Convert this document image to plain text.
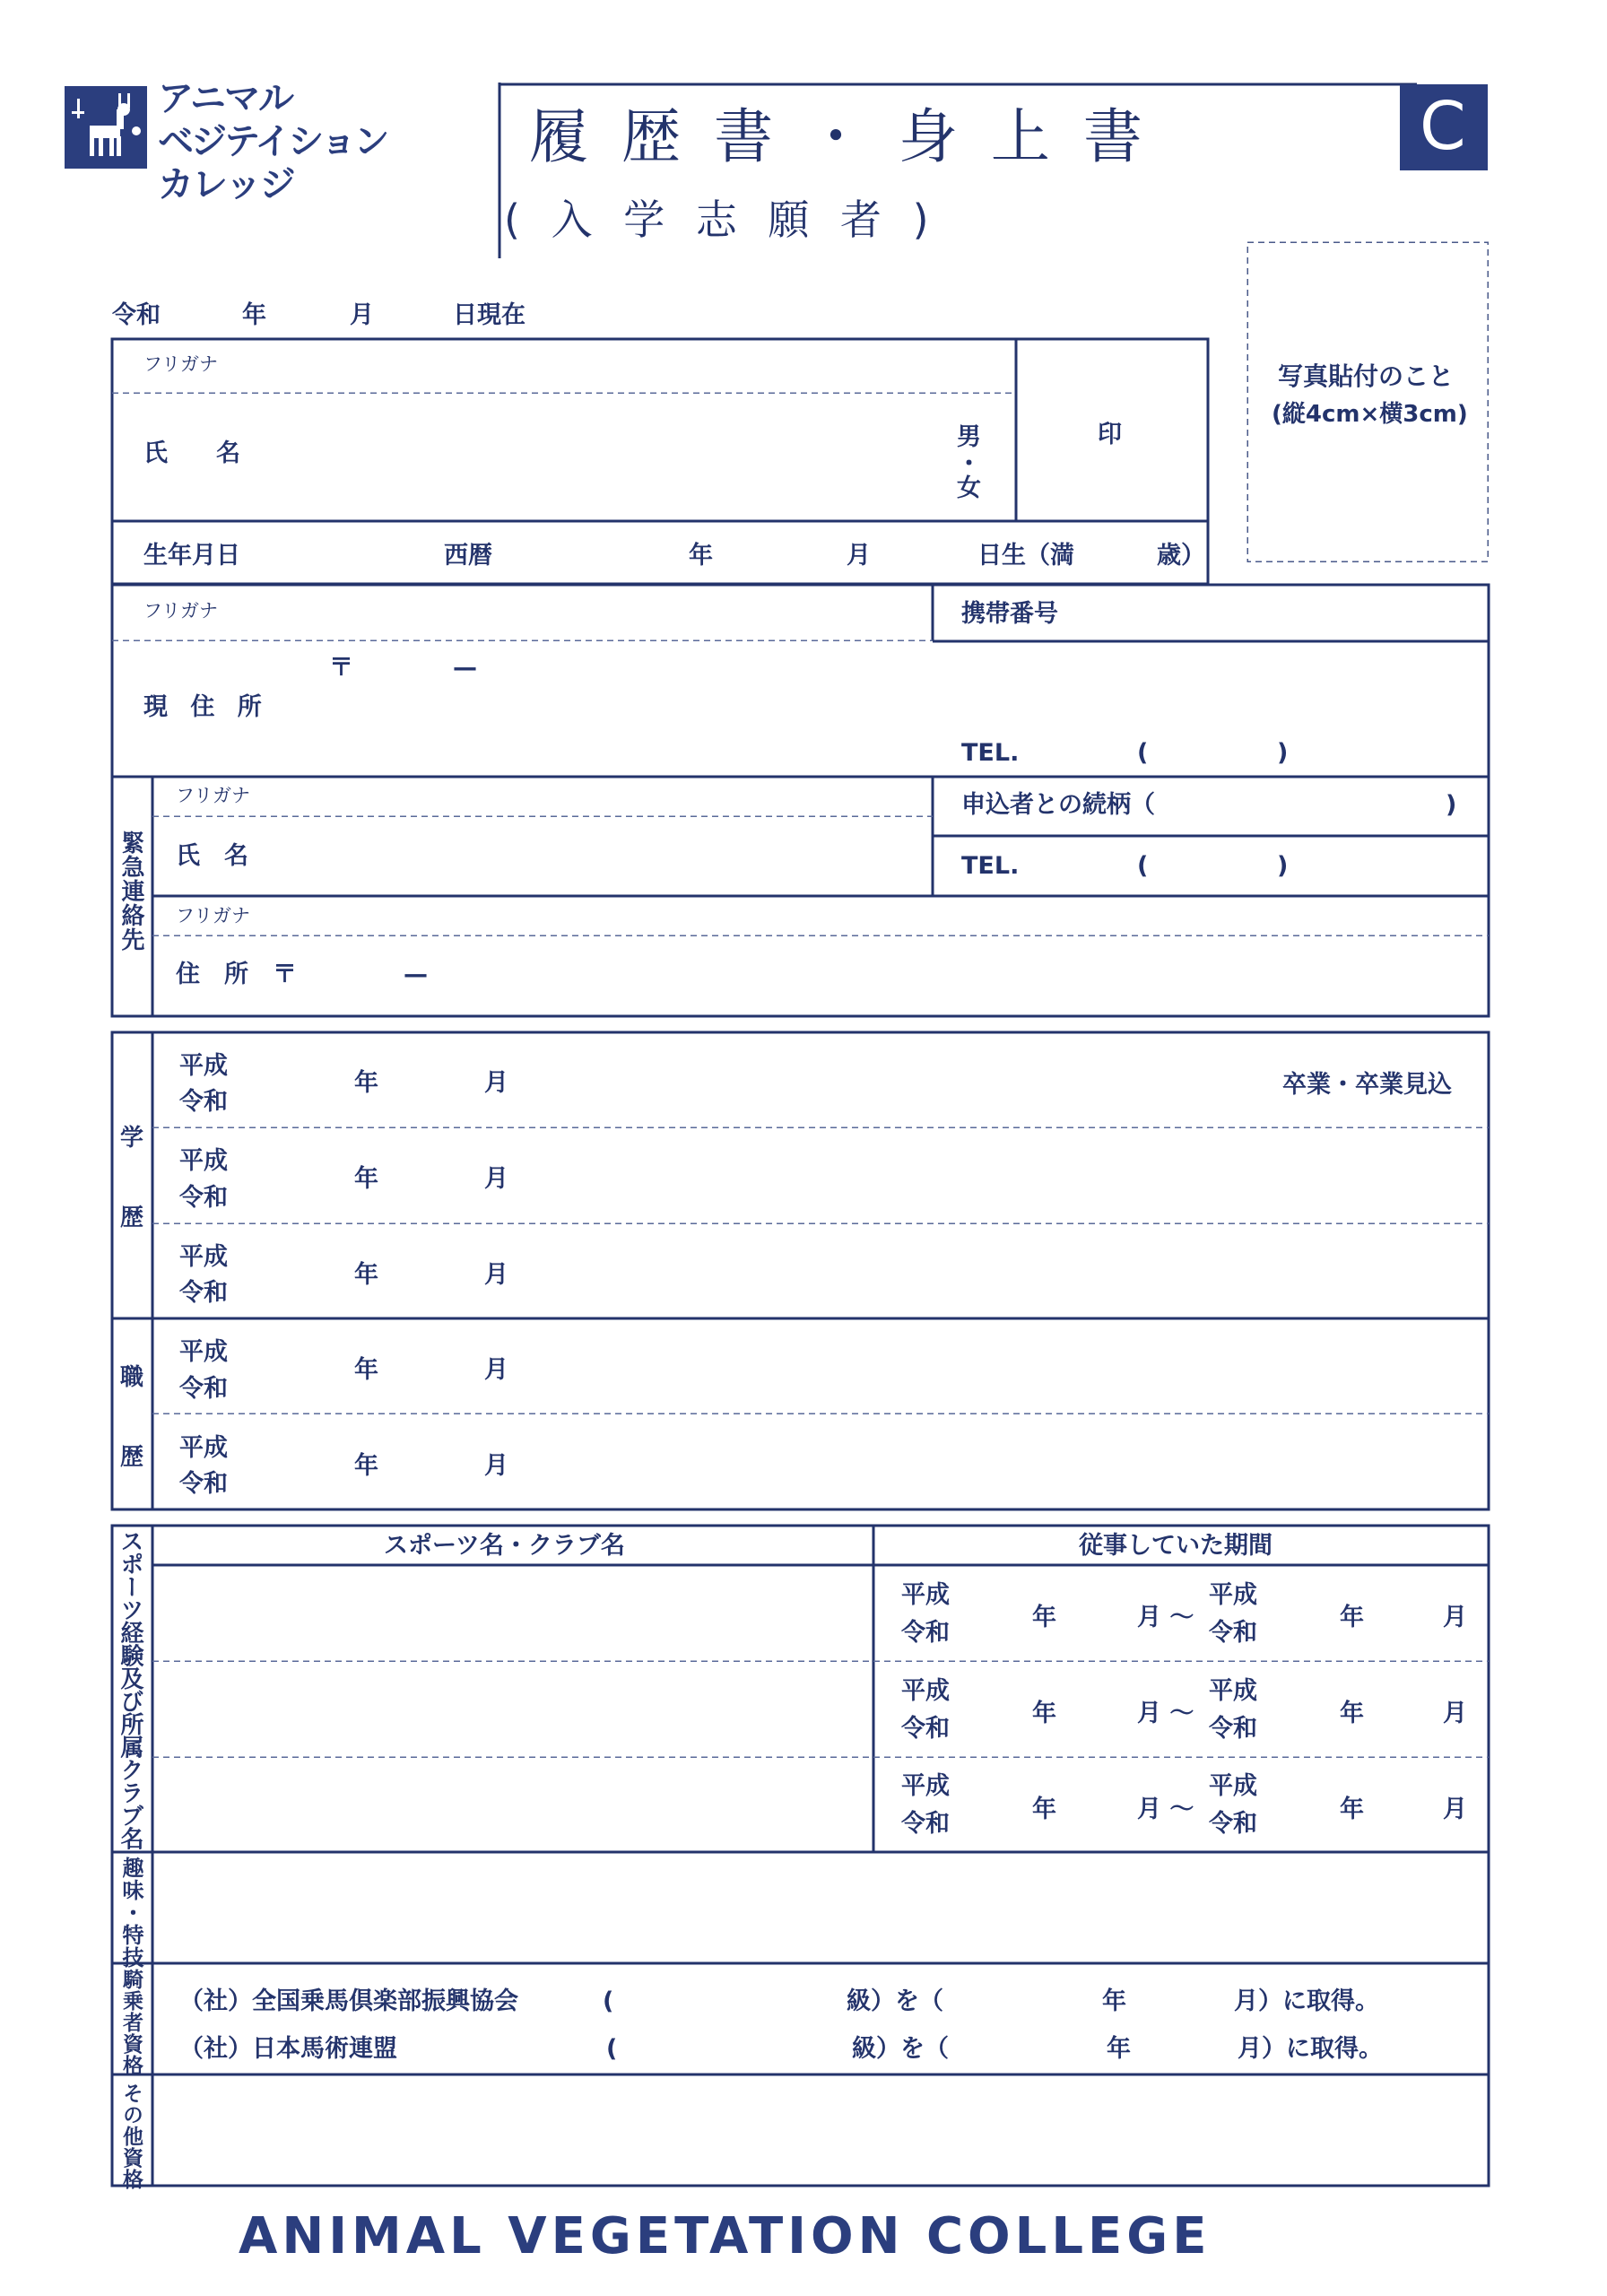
アニマル
ベジテイション
カレッジ
履 歴 書 ・ 身 上 書
( 入 学 志 願 者 )
C
写真貼付のこと
(縦4cm×横3cm)
令和	年	月	日現在
フリガナ
氏　　名
男
・
女
印
生年月日	西暦	年	月	日生（満	歳）
フリガナ	携帯番号
〒	—
現 住 所
TEL.	(	)
緊急連絡先
フリガナ
氏　名
申込者との続柄（	)
TEL.	(	)
フリガナ
住　所　〒	—
学
歴
平成
令和
年	月	卒業・卒業見込
平成
令和
年	月
平成
令和
年	月
職
歴
平成
令和
年	月
平成
令和
年	月
スポーツ経験及び所属クラブ名	スポーツ名・クラブ名	従事していた期間
平成
令和
年	月 ～
平成
令和
年	月
平成
令和
年	月 ～
平成
令和
年	月
平成
令和
年	月 ～
平成
令和
年	月
趣味・特技
騎乗者資格 （社）全国乗馬倶楽部振興協会	(	級）を（	年	月）に取得。
（社）日本馬術連盟	(	級）を（	年	月）に取得。
その他資格
ANIMAL VEGETATION COLLEGE
